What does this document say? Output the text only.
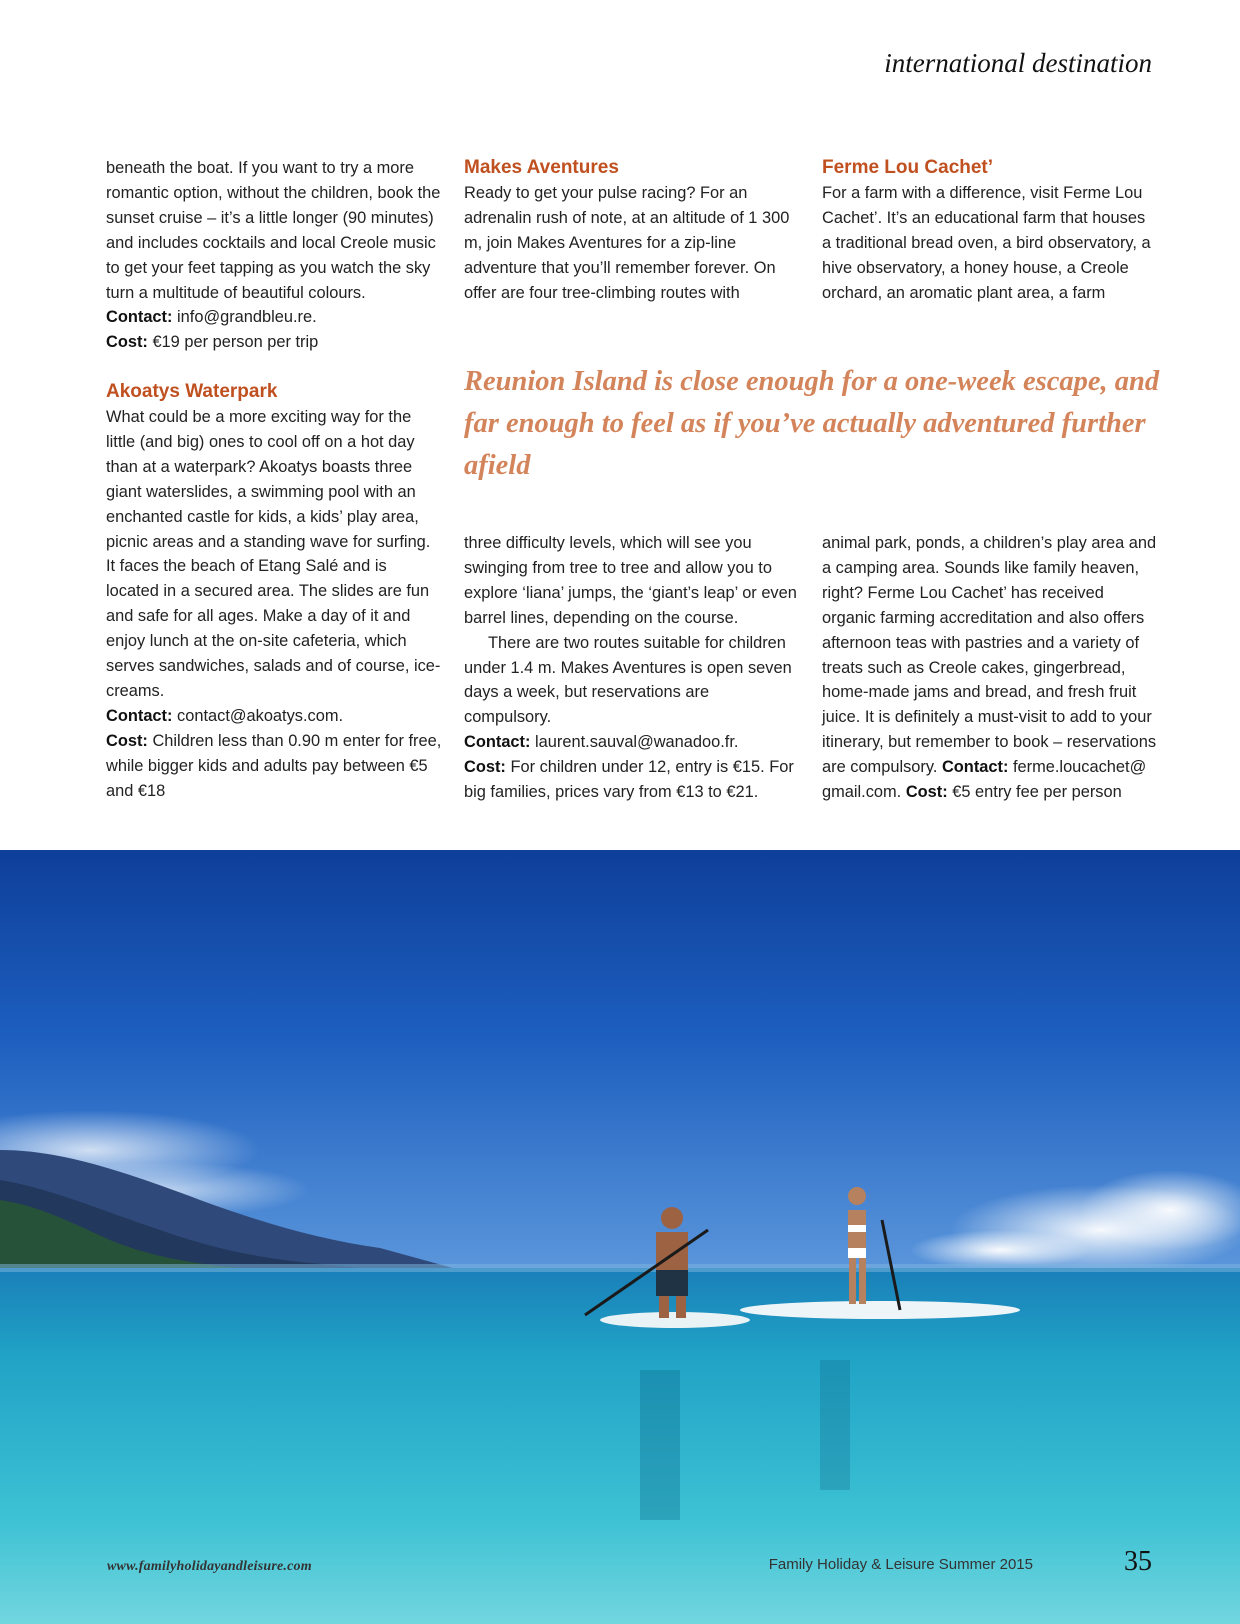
international destination

beneath the boat. If you want to try a more romantic option, without the children, book the sunset cruise – it’s a little longer (90 minutes) and includes cocktails and local Creole music to get your feet tapping as you watch the sky turn a multitude of beautiful colours.

Contact: info@grandbleu.re.

Cost: €19 per person per trip

Akoatys Waterpark

What could be a more exciting way for the little (and big) ones to cool off on a hot day than at a waterpark? Akoatys boasts three giant waterslides, a swimming pool with an enchanted castle for kids, a kids’ play area, picnic areas and a standing wave for surfing. It faces the beach of Etang Salé and is located in a secured area. The slides are fun and safe for all ages. Make a day of it and enjoy lunch at the on-site cafeteria, which serves sandwiches, salads and of course, ice-creams.

Contact: contact@akoatys.com.

Cost: Children less than 0.90 m enter for free, while bigger kids and adults pay between €5 and €18

Makes Aventures

Ready to get your pulse racing? For an adrenalin rush of note, at an altitude of 1 300 m, join Makes Aventures for a zip-line adventure that you’ll remember forever. On offer are four tree-climbing routes with

Ferme Lou Cachet’

For a farm with a difference, visit Ferme Lou Cachet’. It’s an educational farm that houses a traditional bread oven, a bird observatory, a hive observatory, a honey house, a Creole orchard, an aromatic plant area, a farm

Reunion Island is close enough for a one-week escape, and far enough to feel as if you’ve actually adventured further afield

three difficulty levels, which will see you swinging from tree to tree and allow you to explore ‘liana’ jumps, the ‘giant’s leap’ or even barrel lines, depending on the course.

There are two routes suitable for children under 1.4 m. Makes Aventures is open seven days a week, but reservations are compulsory.

Contact: laurent.sauval@wanadoo.fr.

Cost: For children under 12, entry is €15. For big families, prices vary from €13 to €21.

animal park, ponds, a children’s play area and a camping area. Sounds like family heaven, right? Ferme Lou Cachet’ has received organic farming accreditation and also offers afternoon teas with pastries and a variety of treats such as Creole cakes, gingerbread, home-made jams and bread, and fresh fruit juice. It is definitely a must-visit to add to your itinerary, but remember to book – reservations are compulsory. Contact: ferme.loucachet@ gmail.com. Cost: €5 entry fee per person

www.familyholidayandleisure.com	Family Holiday & Leisure Summer 2015	35
